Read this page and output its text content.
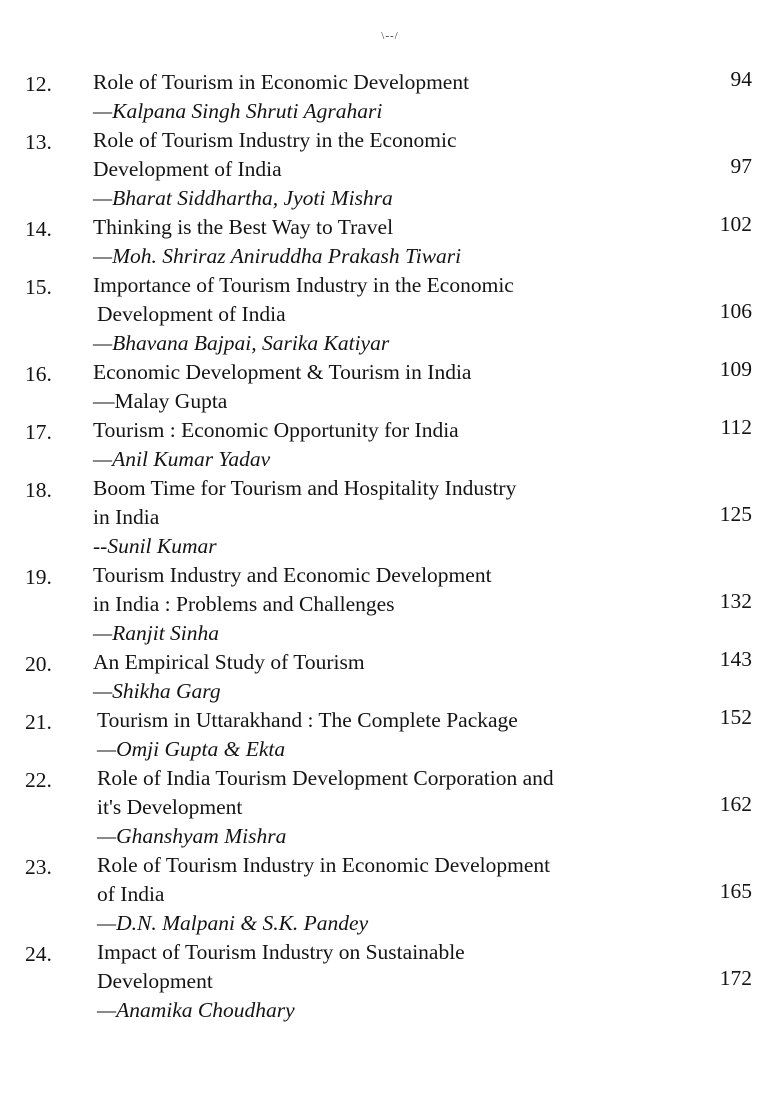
\--/
12. Role of Tourism in Economic Development	94
—Kalpana Singh Shruti Agrahari
13. Role of Tourism Industry in the Economic
Development of India	97
—Bharat Siddhartha, Jyoti Mishra
14. Thinking is the Best Way to Travel	102
—Moh. Shriraz Aniruddha Prakash Tiwari
15. Importance of Tourism Industry in the Economic
Development of India	106
—Bhavana Bajpai, Sarika Katiyar
16. Economic Development & Tourism in India	109
—Malay Gupta
17. Tourism : Economic Opportunity for India	112
—Anil Kumar Yadav
18. Boom Time for Tourism and Hospitality Industry
in India	125
--Sunil Kumar
19. Tourism Industry and Economic Development
in India : Problems and Challenges	132
—Ranjit Sinha
20. An Empirical Study of Tourism	143
—Shikha Garg
21. Tourism in Uttarakhand : The Complete Package	152
—Omji Gupta & Ekta
22. Role of India Tourism Development Corporation and
it's Development	162
—Ghanshyam Mishra
23. Role of Tourism Industry in Economic Development
of India	165
—D.N. Malpani & S.K. Pandey
24. Impact of Tourism Industry on Sustainable
Development	172
—Anamika Choudhary
